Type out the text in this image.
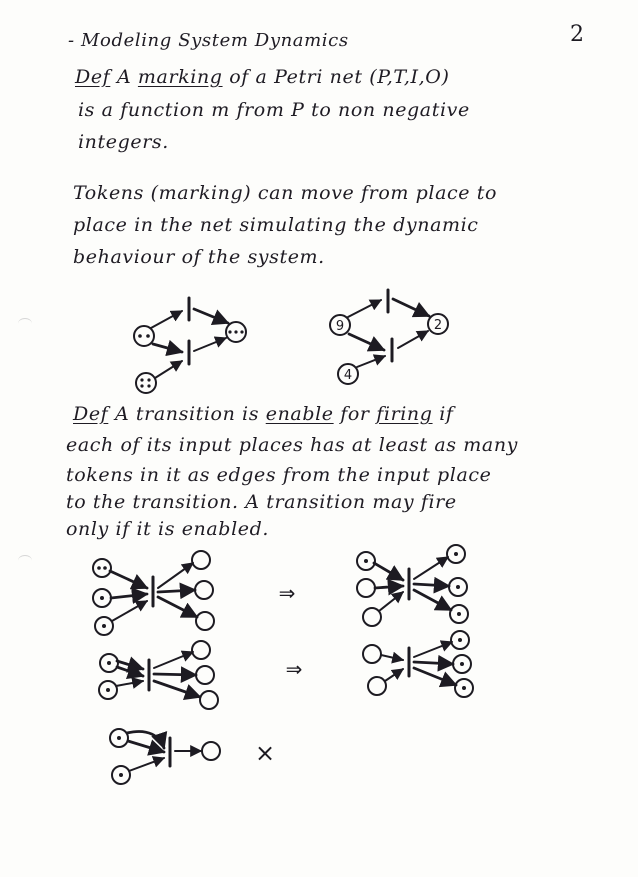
2
- Modeling System Dynamics
Def A marking of a Petri net (P,T,I,O)
is a function m from P to non negative
integers.
Tokens (marking) can move from place to
place in the net simulating the dynamic
behaviour of the system.
Def A transition is enable for firing if
each of its input places has at least as many
tokens in it as edges from the input place
to the transition. A transition may fire
only if it is enabled.
9
4
2
⇒
⇒
×
